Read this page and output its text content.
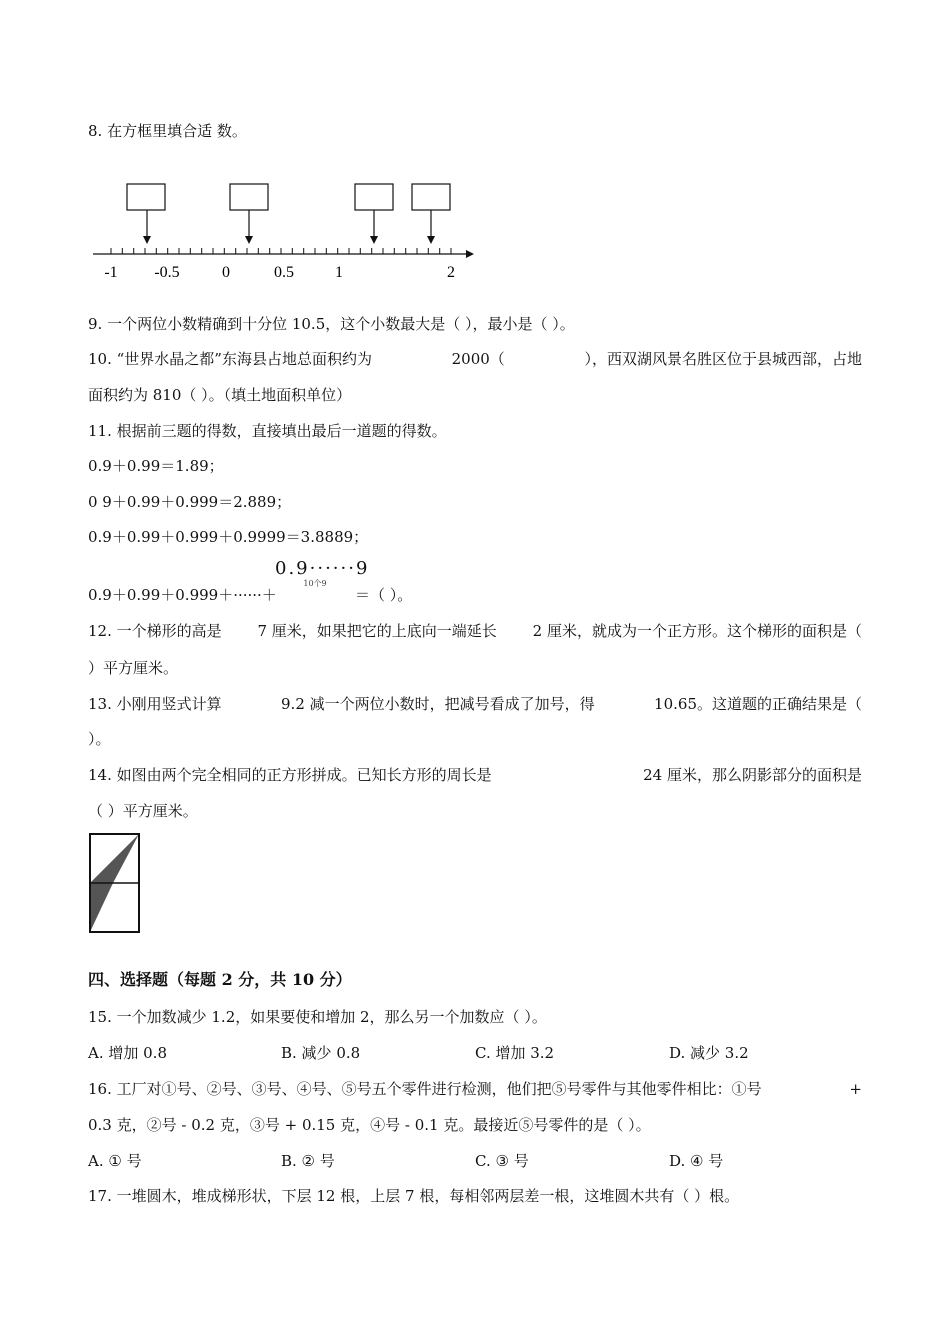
8. 在方框里填合适 数。
-1 -0.5	0	0.5	1	2
9. 一个两位小数精确到十分位 10.5，这个小数最大是（ ），最小是（ ）。
10. “世界水晶之都”东海县占地总面积约为	2000（	），西双湖风景名胜区位于县城西部，占地
面积约为 810（ ）。（填土地面积单位）
11. 根据前三题的得数，直接填出最后一道题的得数。
0.9＋0.99＝1.89；
0 9＋0.99＋0.999＝2.889；
0.9＋0.99＋0.999＋0.9999＝3.8889；
0.9＋0.99＋0.999＋······＋
0.9······9
10个9
＝（ ）。
12. 一个梯形的高是 7 厘米，如果把它的上底向一端延长 2 厘米，就成为一个正方形。这个梯形的面积是（
）平方厘米。
13. 小刚用竖式计算	9.2 减一个两位小数时，把减号看成了加号，得	10.65。这道题的正确结果是（
）。
14. 如图由两个完全相同的正方形拼成。已知长方形的周长是	24 厘米，那么阴影部分的面积是
（ ）平方厘米。
四、选择题（每题 2 分，共 10 分）
15. 一个加数减少 1.2，如果要使和增加 2，那么另一个加数应（ ）。
A. 增加 0.8	B. 减少 0.8	C. 增加 3.2	D. 减少 3.2
16. 工厂对①号、②号、③号、④号、⑤号五个零件进行检测，他们把⑤号零件与其他零件相比：①号	+
0.3 克，②号 - 0.2 克，③号 + 0.15 克，④号 - 0.1 克。最接近⑤号零件的是（ ）。
A. ① 号	B. ② 号	C. ③ 号	D. ④ 号
17. 一堆圆木，堆成梯形状，下层 12 根，上层 7 根，每相邻两层差一根，这堆圆木共有（ ）根。
